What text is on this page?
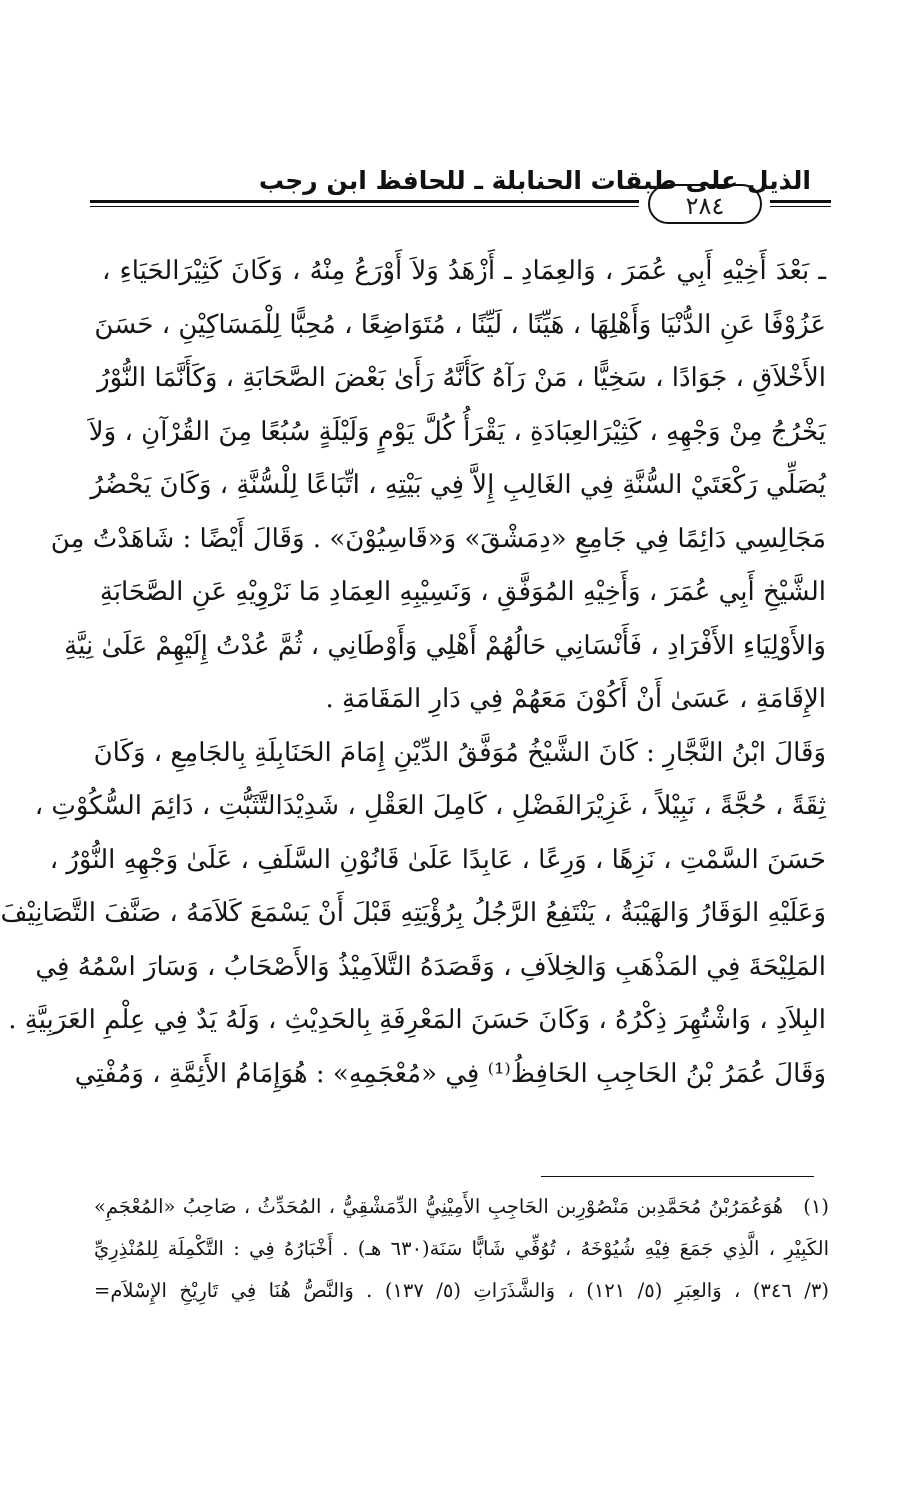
الذيل على طبقات الحنابلة ـ للحافظ ابن رجب
٢٨٤
ـ بَعْدَ أَخِيْهِ أَبِي عُمَرَ ، وَالعِمَادِ ـ أَزْهَدُ وَلاَ أَوْرَعُ مِنْهُ ، وَكَانَ كَثِيْرَالحَيَاءِ ،
عَزُوْفًا عَنِ الدُّنْيَا وَأَهْلِهَا ، هَيِّنًا ، لَيِّنًا ، مُتَوَاضِعًا ، مُحِبًّا لِلْمَسَاكِيْنِ ، حَسَنَ
الأَخْلاَقِ ، جَوَادًا ، سَخِيًّا ، مَنْ رَآهُ كَأَنَّهُ رَأَىٰ بَعْضَ الصَّحَابَةِ ، وَكَأَنَّمَا النُّوْرُ
يَخْرُجُ مِنْ وَجْهِهِ ، كَثِيْرَالعِبَادَةِ ، يَقْرَأُ كُلَّ يَوْمٍ وَلَيْلَةٍ سُبُعًا مِنَ القُرْآنِ ، وَلاَ
يُصَلِّي رَكْعَتَيْ السُّنَّةِ فِي الغَالِبِ إِلاَّ فِي بَيْتِهِ ، اتِّبَاعًا لِلْسُّنَّةِ ، وَكَانَ يَحْضُرُ
مَجَالِسِي دَائِمًا فِي جَامِعِ «دِمَشْقَ» وَ«قَاسِيُوْنَ» . وَقَالَ أَيْضًا : شَاهَدْتُ مِنَ
الشَّيْخِ أَبِي عُمَرَ ، وَأَخِيْهِ المُوَفَّقِ ، وَنَسِيْبِهِ العِمَادِ مَا نَرْوِيْهِ عَنِ الصَّحَابَةِ
وَالأَوْلِيَاءِ الأَفْرَادِ ، فَأَنْسَانِي حَالُهُمْ أَهْلِي وَأَوْطَانِي ، ثُمَّ عُدْتُ إِلَيْهِمْ عَلَىٰ نِيَّةِ
الإِقَامَةِ ، عَسَىٰ أَنْ أَكُوْنَ مَعَهُمْ فِي دَارِ المَقَامَةِ .
وَقَالَ ابْنُ النَّجَّارِ : كَانَ الشَّيْخُ مُوَفَّقُ الدِّيْنِ إِمَامَ الحَنَابِلَةِ بِالجَامِعِ ، وَكَانَ
ثِقَةً ، حُجَّةً ، نَبِيْلاً ، غَزِيْرَالفَضْلِ ، كَامِلَ العَقْلِ ، شَدِيْدَالتَّثَبُّتِ ، دَائِمَ السُّكُوْتِ ،
حَسَنَ السَّمْتِ ، نَزِهًا ، وَرِعًا ، عَابِدًا عَلَىٰ قَانُوْنِ السَّلَفِ ، عَلَىٰ وَجْهِهِ النُّوْرُ ،
وَعَلَيْهِ الوَقَارُ وَالهَيْبَةُ ، يَنْتَفِعُ الرَّجُلُ بِرُؤْيَتِهِ قَبْلَ أَنْ يَسْمَعَ كَلاَمَهُ ، صَنَّفَ التَّصَانِيْفَ
المَلِيْحَةَ فِي المَذْهَبِ وَالخِلاَفِ ، وَقَصَدَهُ التَّلاَمِيْذُ وَالأَصْحَابُ ، وَسَارَ اسْمُهُ فِي
البِلاَدِ ، وَاشْتُهِرَ ذِكْرُهُ ، وَكَانَ حَسَنَ المَعْرِفَةِ بِالحَدِيْثِ ، وَلَهُ يَدٌ فِي عِلْمِ العَرَبِيَّةِ .
وَقَالَ عُمَرُ بْنُ الحَاجِبِ الحَافِظُ⁽¹⁾ فِي «مُعْجَمِهِ» : هُوَإِمَامُ الأَئِمَّةِ ، وَمُفْتِي
(١)هُوَعُمَرُبْنُ مُحَمَّدِبن مَنْصُوْرِبن الحَاجِبِ الأَمِيْنِيُّ الدِّمَشْقِيُّ ، المُحَدِّثُ ، صَاحِبُ «المُعْجَمِ»
الكَبِيْرِ ، الَّذِي جَمَعَ فِيْهِ شُيُوْخَهُ ، تُوُفِّي شَابًّا سَنَة(٦٣٠ هـ) . أَخْبَارُهُ فِي : التَّكْمِلَة لِلمُنْذِرِيِّ
(٣/ ٣٤٦) ، وَالعِبَرِ (٥/ ١٢١) ، وَالشَّذَرَاتِ (٥/ ١٣٧) . وَالنَّصُّ هُنَا فِي تَارِيْخِ الإِسْلاَم=
